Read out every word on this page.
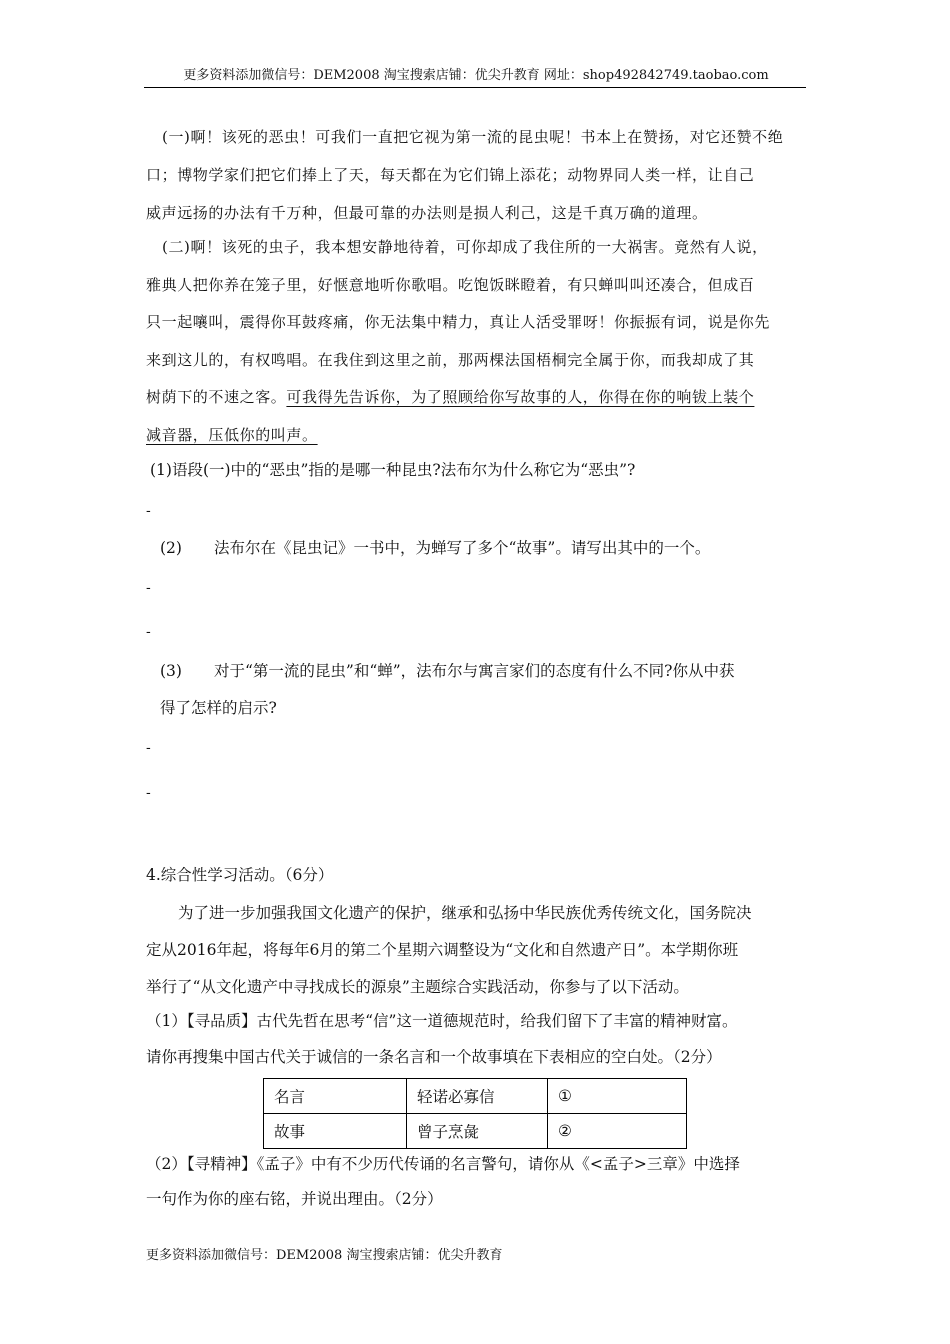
更多资料添加微信号：DEM2008 淘宝搜索店铺：优尖升教育 网址：shop492842749.taobao.com
(一)啊！该死的恶虫！可我们一直把它视为第一流的昆虫呢！书本上在赞扬，对它还赞不绝
口；博物学家们把它们捧上了天，每天都在为它们锦上添花；动物界同人类一样，让自己
威声远扬的办法有千万种，但最可靠的办法则是损人利己，这是千真万确的道理。
(二)啊！该死的虫子，我本想安静地待着，可你却成了我住所的一大祸害。竟然有人说，
雅典人把你养在笼子里，好惬意地听你歌唱。吃饱饭眯瞪着，有只蝉叫叫还凑合，但成百
只一起嚷叫，震得你耳鼓疼痛，你无法集中精力，真让人活受罪呀！你振振有词，说是你先
来到这儿的，有权鸣唱。在我住到这里之前，那两棵法国梧桐完全属于你，而我却成了其
树荫下的不速之客。可我得先告诉你，为了照顾给你写故事的人，你得在你的响钹上装个
减音器，压低你的叫声。
(1)语段(一)中的“恶虫”指的是哪一种昆虫?法布尔为什么称它为“恶虫”?
-
(2) 法布尔在《昆虫记》一书中，为蝉写了多个“故事”。请写出其中的一个。
-
-
(3) 对于“第一流的昆虫”和“蝉”，法布尔与寓言家们的态度有什么不同?你从中获
得了怎样的启示?
-
-
4.综合性学习活动。（6分）
为了进一步加强我国文化遗产的保护，继承和弘扬中华民族优秀传统文化，国务院决
定从2016年起，将每年6月的第二个星期六调整设为“文化和自然遗产日”。本学期你班
举行了“从文化遗产中寻找成长的源泉”主题综合实践活动，你参与了以下活动。
（1）【寻品质】古代先哲在思考“信”这一道德规范时，给我们留下了丰富的精神财富。
请你再搜集中国古代关于诚信的一条名言和一个故事填在下表相应的空白处。（2分）
名言	轻诺必寡信	①
故事	曾子烹彘	②
（2）【寻精神】《孟子》中有不少历代传诵的名言警句，请你从《<孟子>三章》中选择
一句作为你的座右铭，并说出理由。（2分）
更多资料添加微信号：DEM2008 淘宝搜索店铺：优尖升教育
